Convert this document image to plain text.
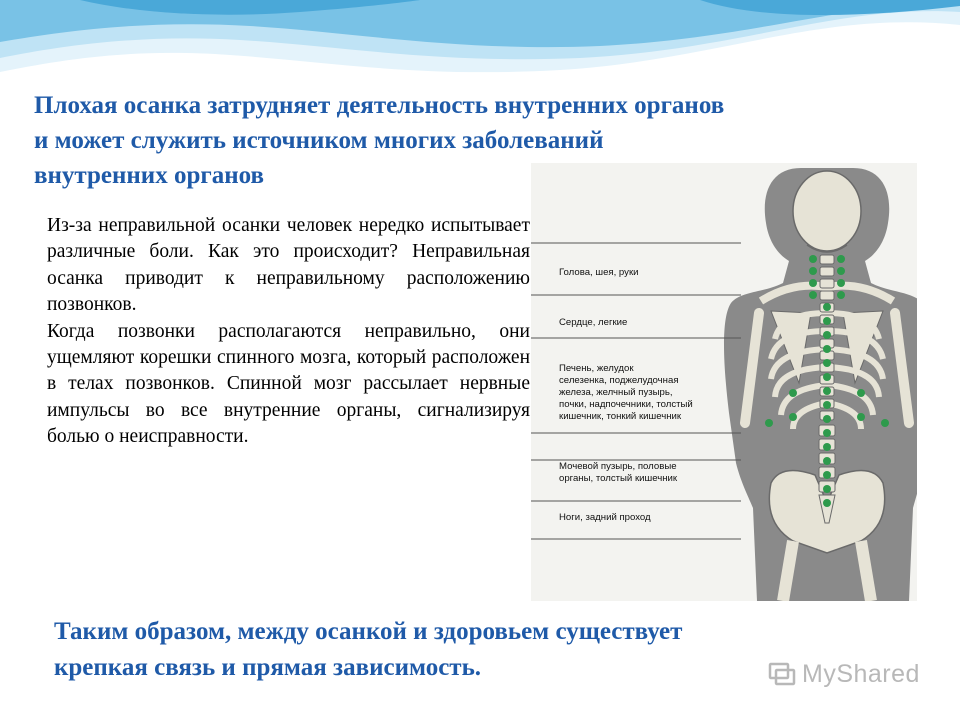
Плохая осанка затрудняет деятельность внутренних органов
и может служить источником многих заболеваний
внутренних органов

Из-за неправильной осанки человек нередко испытывает различные боли. Как это происходит? Неправильная осанка приводит к неправильному расположению позвонков.

Когда позвонки располагаются неправильно, они ущемляют корешки спинного мозга, который расположен в телах позвонков. Спинной мозг рассылает нервные импульсы во все внутренние органы, сигнализируя болью о неисправности.

Голова, шея, руки
Сердце, легкие
Печень, желудок
селезенка, поджелудочная
железа, желчный пузырь,
почки, надпочечники, толстый
кишечник, тонкий кишечник
Мочевой пузырь, половые
органы, толстый кишечник
Ноги, задний проход
Таким образом, между осанкой и здоровьем существует
крепкая связь и прямая зависимость.	MyShared
